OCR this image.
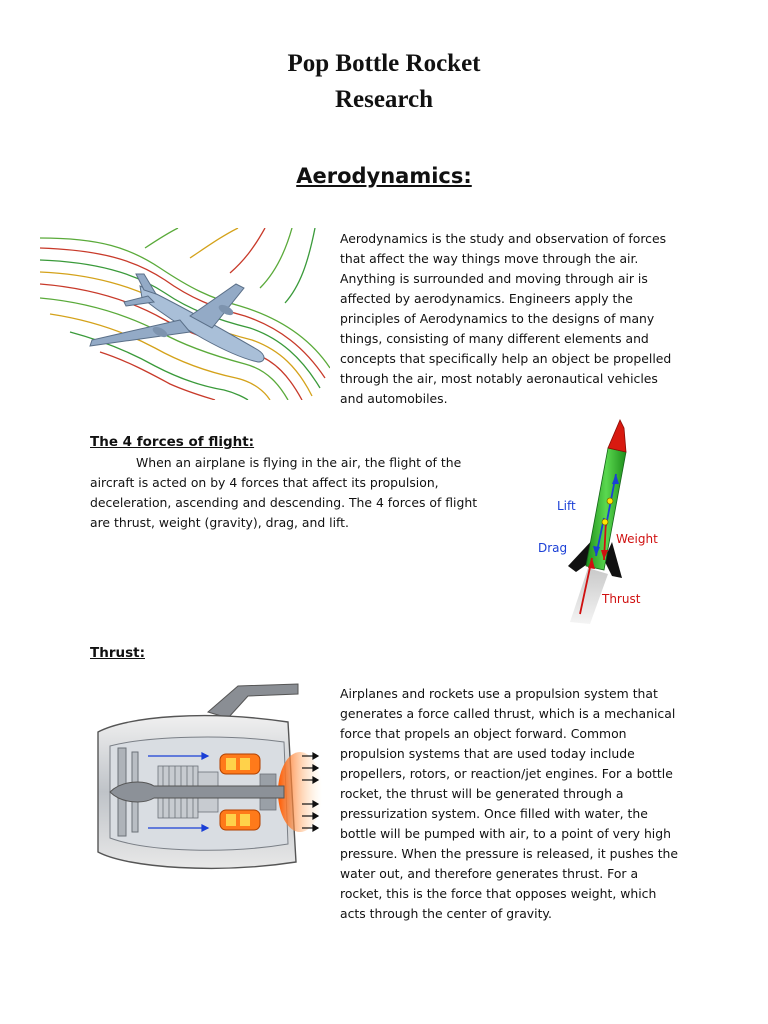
Pop Bottle Rocket
Research
Aerodynamics:

Aerodynamics is the study and observation of forces that affect the way things move through the air. Anything is surrounded and moving through air is affected by aerodynamics. Engineers apply the principles of Aerodynamics to the designs of many things, consisting of many different elements and concepts that specifically help an object be propelled through the air, most notably aeronautical vehicles and automobiles.

The 4 forces of flight:

When an airplane is flying in the air, the flight of the aircraft is acted on by 4 forces that affect its propulsion, deceleration, ascending and descending. The 4 forces of flight are thrust, weight (gravity), drag, and lift.

Lift
Drag
Weight
Thrust

Thrust:

Airplanes and rockets use a propulsion system that generates a force called thrust, which is a mechanical force that propels an object forward. Common propulsion systems that are used today include propellers, rotors, or reaction/jet engines. For a bottle rocket, the thrust will be generated through a pressurization system. Once filled with water, the bottle will be pumped with air, to a point of very high pressure. When the pressure is released, it pushes the water out, and therefore generates thrust. For a rocket, this is the force that opposes weight, which acts through the center of gravity.
